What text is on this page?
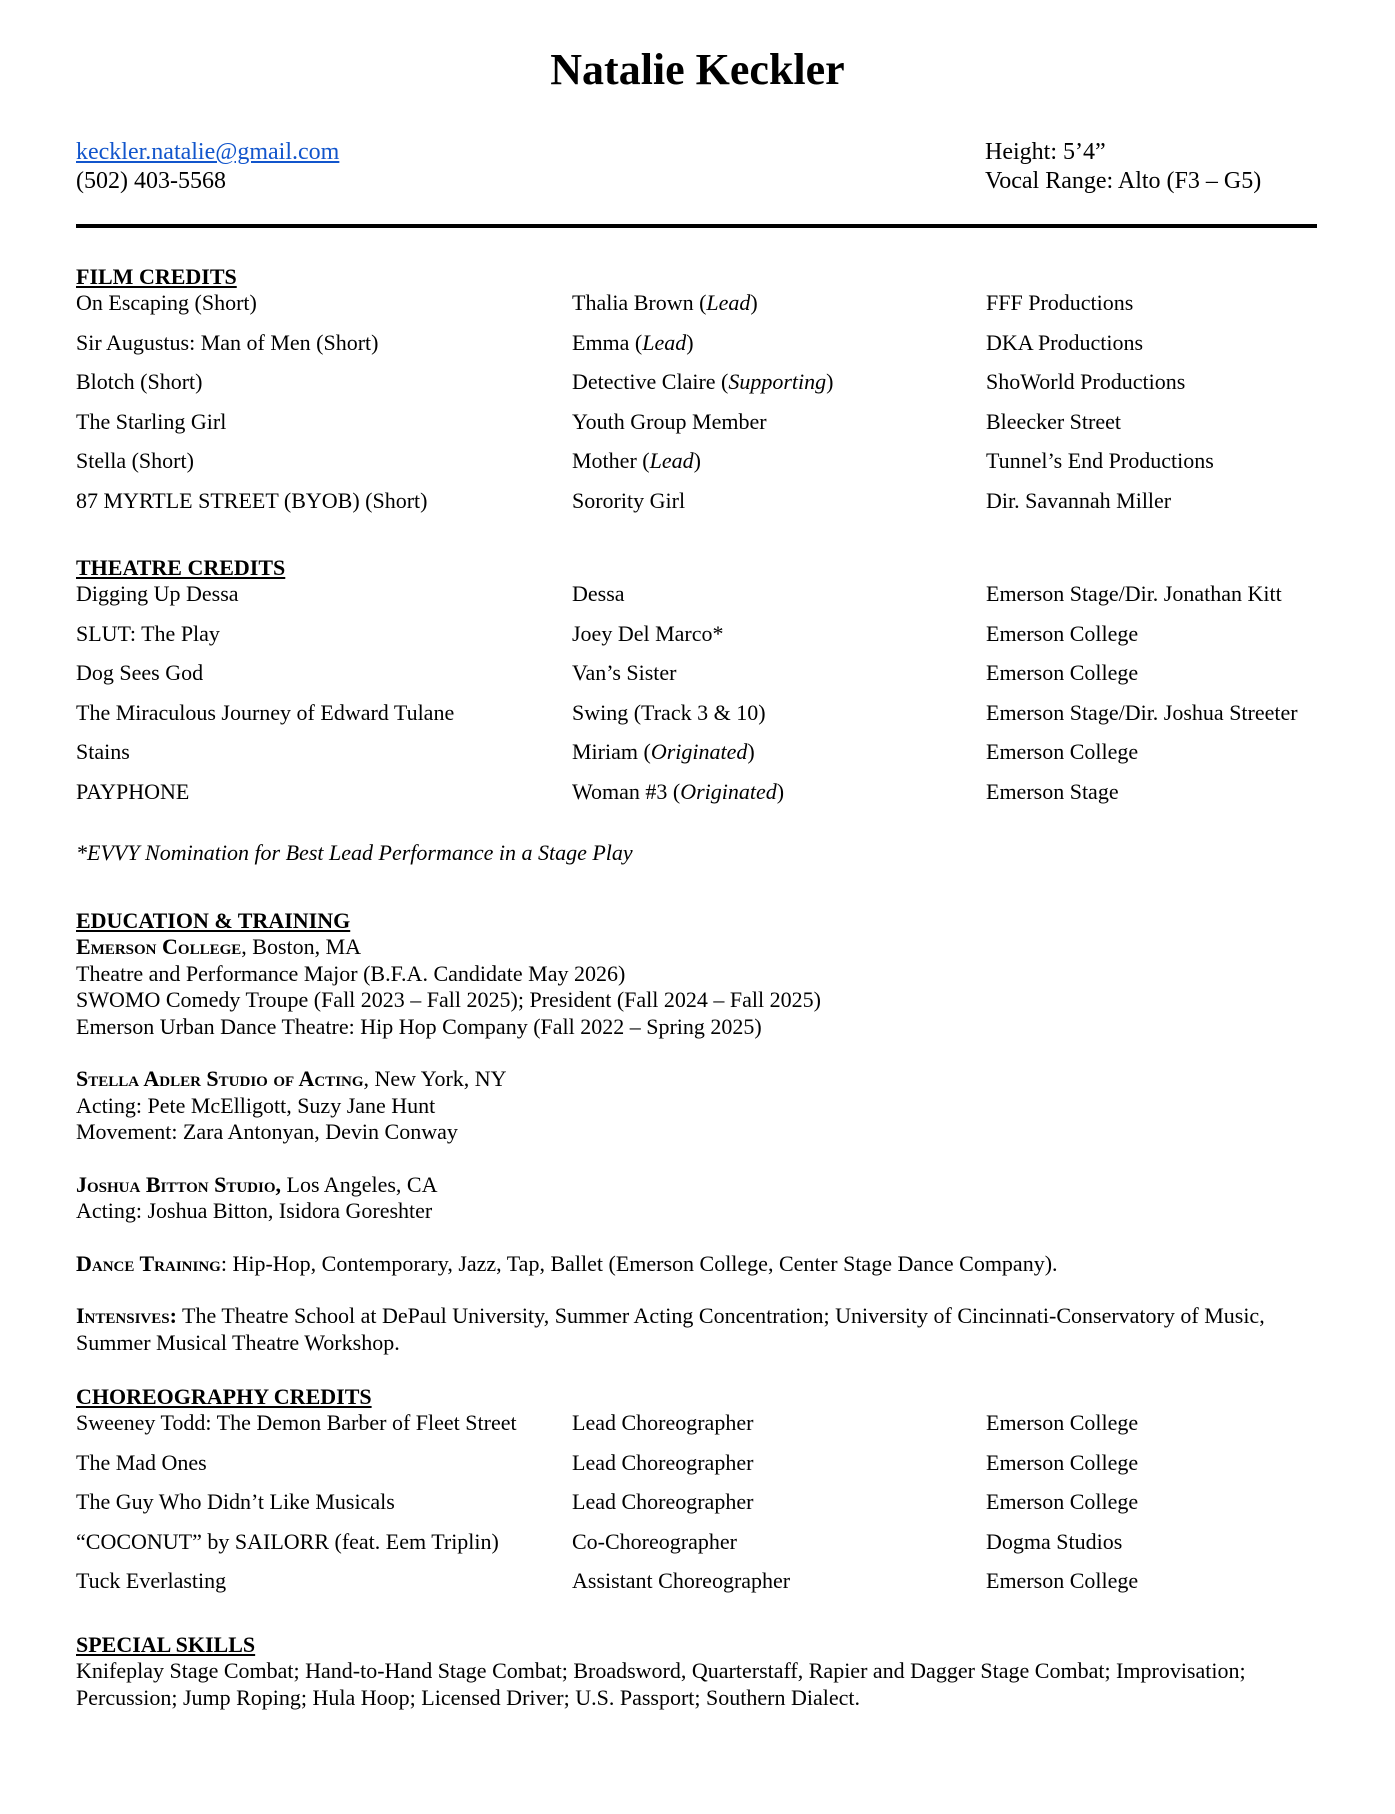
Natalie Keckler
keckler.natalie@gmail.com
(502) 403-5568
Height: 5’4”
Vocal Range: Alto (F3 – G5)
FILM CREDITS
On Escaping (Short)	Thalia Brown (Lead)	FFF Productions
Sir Augustus: Man of Men (Short)	Emma (Lead)	DKA Productions
Blotch (Short)	Detective Claire (Supporting)	ShoWorld Productions
The Starling Girl	Youth Group Member	Bleecker Street
Stella (Short)	Mother (Lead)	Tunnel’s End Productions
87 MYRTLE STREET (BYOB) (Short)	Sorority Girl	Dir. Savannah Miller
THEATRE CREDITS
Digging Up Dessa	Dessa	Emerson Stage/Dir. Jonathan Kitt
SLUT: The Play	Joey Del Marco*	Emerson College
Dog Sees God	Van’s Sister	Emerson College
The Miraculous Journey of Edward Tulane	Swing (Track 3 & 10)	Emerson Stage/Dir. Joshua Streeter
Stains	Miriam (Originated)	Emerson College
PAYPHONE	Woman #3 (Originated)	Emerson Stage
*EVVY Nomination for Best Lead Performance in a Stage Play
EDUCATION & TRAINING
Emerson College, Boston, MA
Theatre and Performance Major (B.F.A. Candidate May 2026)
SWOMO Comedy Troupe (Fall 2023 – Fall 2025); President (Fall 2024 – Fall 2025)
Emerson Urban Dance Theatre: Hip Hop Company (Fall 2022 – Spring 2025)
Stella Adler Studio of Acting, New York, NY
Acting: Pete McElligott, Suzy Jane Hunt
Movement: Zara Antonyan, Devin Conway
Joshua Bitton Studio, Los Angeles, CA
Acting: Joshua Bitton, Isidora Goreshter
Dance Training: Hip-Hop, Contemporary, Jazz, Tap, Ballet (Emerson College, Center Stage Dance Company).
Intensives: The Theatre School at DePaul University, Summer Acting Concentration; University of Cincinnati-Conservatory of Music, Summer Musical Theatre Workshop.
CHOREOGRAPHY CREDITS
Sweeney Todd: The Demon Barber of Fleet Street	Lead Choreographer	Emerson College
The Mad Ones	Lead Choreographer	Emerson College
The Guy Who Didn’t Like Musicals	Lead Choreographer	Emerson College
“COCONUT” by SAILORR (feat. Eem Triplin)	Co-Choreographer	Dogma Studios
Tuck Everlasting	Assistant Choreographer	Emerson College
SPECIAL SKILLS
Knifeplay Stage Combat; Hand-to-Hand Stage Combat; Broadsword, Quarterstaff, Rapier and Dagger Stage Combat; Improvisation; Percussion; Jump Roping; Hula Hoop; Licensed Driver; U.S. Passport; Southern Dialect.
